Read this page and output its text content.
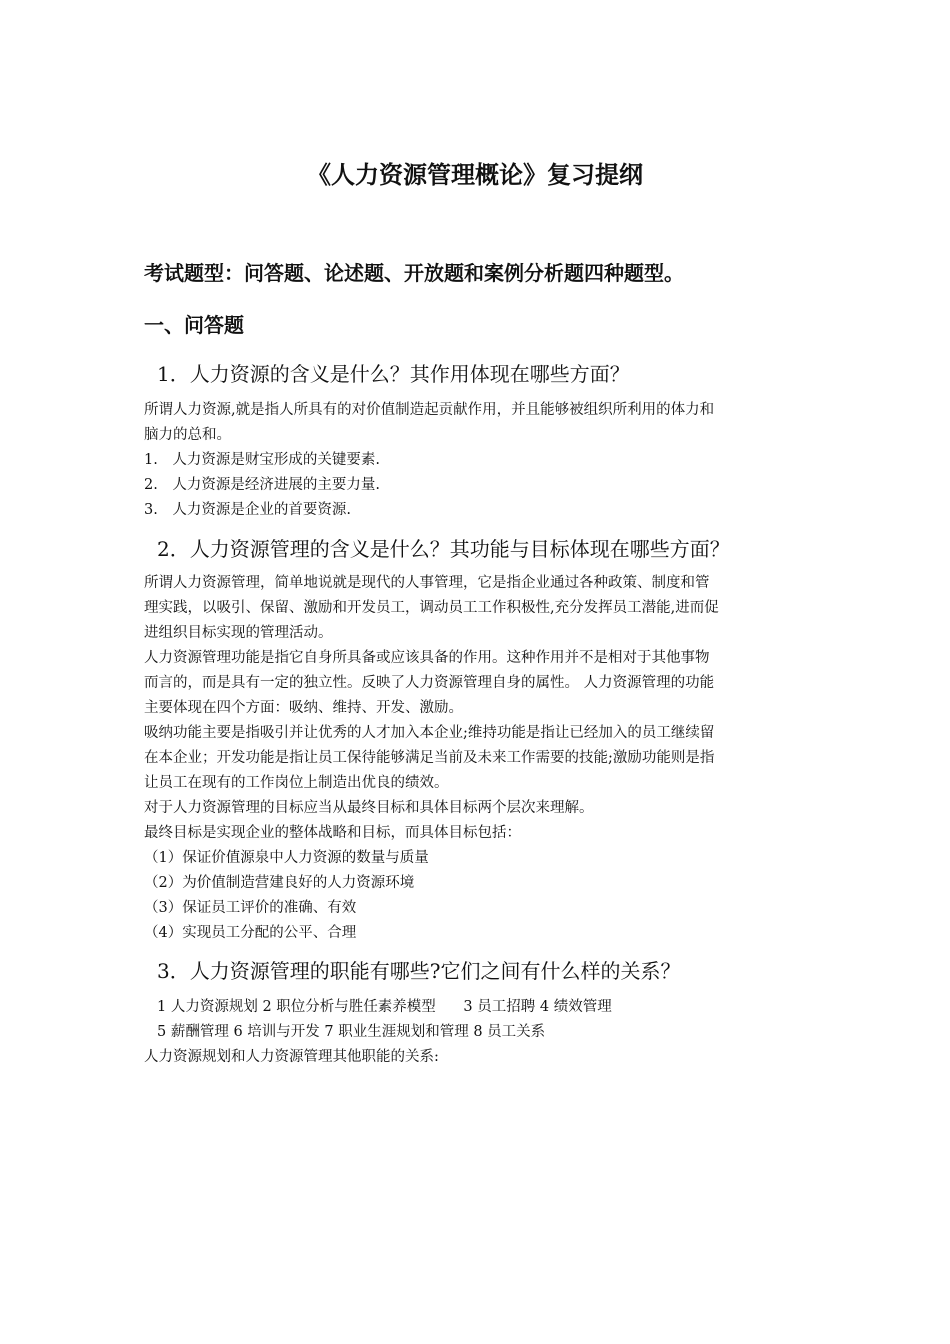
《人力资源管理概论》复习提纲
考试题型：问答题、论述题、开放题和案例分析题四种题型。
一、问答题
1．人力资源的含义是什么？其作用体现在哪些方面？

所谓人力资源,就是指人所具有的对价值制造起贡献作用，并且能够被组织所利用的体力和

脑力的总和。

1.　人力资源是财宝形成的关键要素.

2.　人力资源是经济进展的主要力量.

3.　人力资源是企业的首要资源.

2．人力资源管理的含义是什么？其功能与目标体现在哪些方面？

所谓人力资源管理，简单地说就是现代的人事管理，它是指企业通过各种政策、制度和管

理实践，以吸引、保留、激励和开发员工，调动员工工作积极性,充分发挥员工潜能,进而促

进组织目标实现的管理活动。

人力资源管理功能是指它自身所具备或应该具备的作用。这种作用并不是相对于其他事物

而言的，而是具有一定的独立性。反映了人力资源管理自身的属性。 人力资源管理的功能

主要体现在四个方面：吸纳、维持、开发、激励。

吸纳功能主要是指吸引并让优秀的人才加入本企业;维持功能是指让已经加入的员工继续留

在本企业；开发功能是指让员工保待能够满足当前及未来工作需要的技能;激励功能则是指

让员工在现有的工作岗位上制造出优良的绩效。

对于人力资源管理的目标应当从最终目标和具体目标两个层次来理解。

最终目标是实现企业的整体战略和目标，而具体目标包括：

（1）保证价值源泉中人力资源的数量与质量

（2）为价值制造营建良好的人力资源环境

（3）保证员工评价的准确、有效

（4）实现员工分配的公平、合理

3．人力资源管理的职能有哪些?它们之间有什么样的关系？

1 人力资源规划 2 职位分析与胜任素养模型      3 员工招聘 4 绩效管理

5 薪酬管理 6 培训与开发 7 职业生涯规划和管理 8 员工关系

人力资源规划和人力资源管理其他职能的关系:
